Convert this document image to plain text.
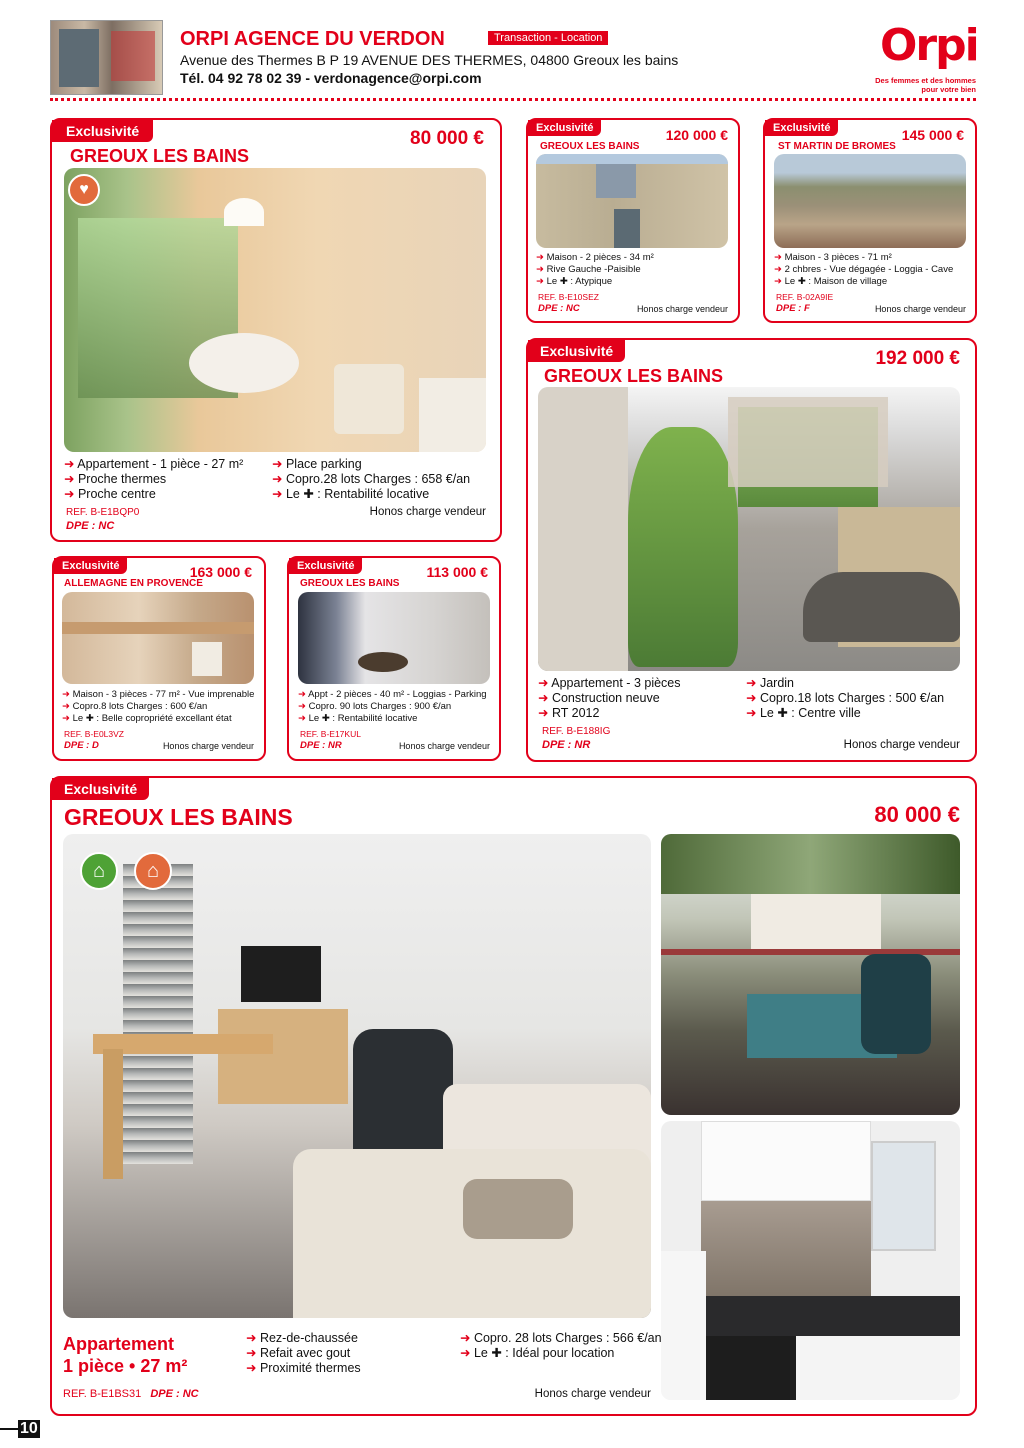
ORPI AGENCE DU VERDON	Transaction - Location
Avenue des Thermes B P 19 AVENUE DES THERMES, 04800 Greoux les bains
Tél. 04 92 78 02 39 - verdonagence@orpi.com
Orpi
Des femmes et des hommes
pour votre bien
Exclusivité	80 000 €
GREOUX LES BAINS
♥
➜ Appartement - 1 pièce - 27 m²
➜ Proche thermes
➜ Proche centre
➜ Place parking
➜ Copro.28 lots Charges : 658 €/an
➜ Le ✚ : Rentabilité locative
REF. B-E1BQP0
DPE : NC
Honos charge vendeur
Exclusivité	120 000 €
GREOUX LES BAINS
➜ Maison - 2 pièces - 34 m²
➜ Rive Gauche -Paisible
➜ Le ✚ : Atypique
REF. B-E10SEZ
DPE : NC	Honos charge vendeur
Exclusivité	145 000 €
ST MARTIN DE BROMES
➜ Maison - 3 pièces - 71 m²
➜ 2 chbres - Vue dégagée - Loggia - Cave
➜ Le ✚ : Maison de village
REF. B-02A9IE
DPE : F	Honos charge vendeur
Exclusivité	192 000 €
GREOUX LES BAINS
➜ Appartement - 3 pièces
➜ Construction neuve
➜ RT 2012
➜ Jardin
➜ Copro.18 lots Charges : 500 €/an
➜ Le ✚ : Centre ville
REF. B-E188IG
DPE : NR	Honos charge vendeur
Exclusivité	163 000 €
ALLEMAGNE EN PROVENCE
➜ Maison - 3 pièces - 77 m² - Vue imprenable
➜ Copro.8 lots Charges : 600 €/an
➜ Le ✚ : Belle copropriété excellant état
REF. B-E0L3VZ
DPE : D	Honos charge vendeur
Exclusivité	113 000 €
GREOUX LES BAINS
➜ Appt - 2 pièces - 40 m² - Loggias - Parking
➜ Copro. 90 lots Charges : 900 €/an
➜ Le ✚ : Rentabilité locative
REF. B-E17KUL
DPE : NR	Honos charge vendeur
Exclusivité
80 000 €
GREOUX LES BAINS
⌂	⌂
Appartement
1 pièce • 27 m²
➜ Rez-de-chaussée
➜ Refait avec gout
➜ Proximité thermes
➜ Copro. 28 lots Charges : 566 €/an
➜ Le ✚ : Idéal pour location
REF. B-E1BS31 DPE : NC	Honos charge vendeur
10
